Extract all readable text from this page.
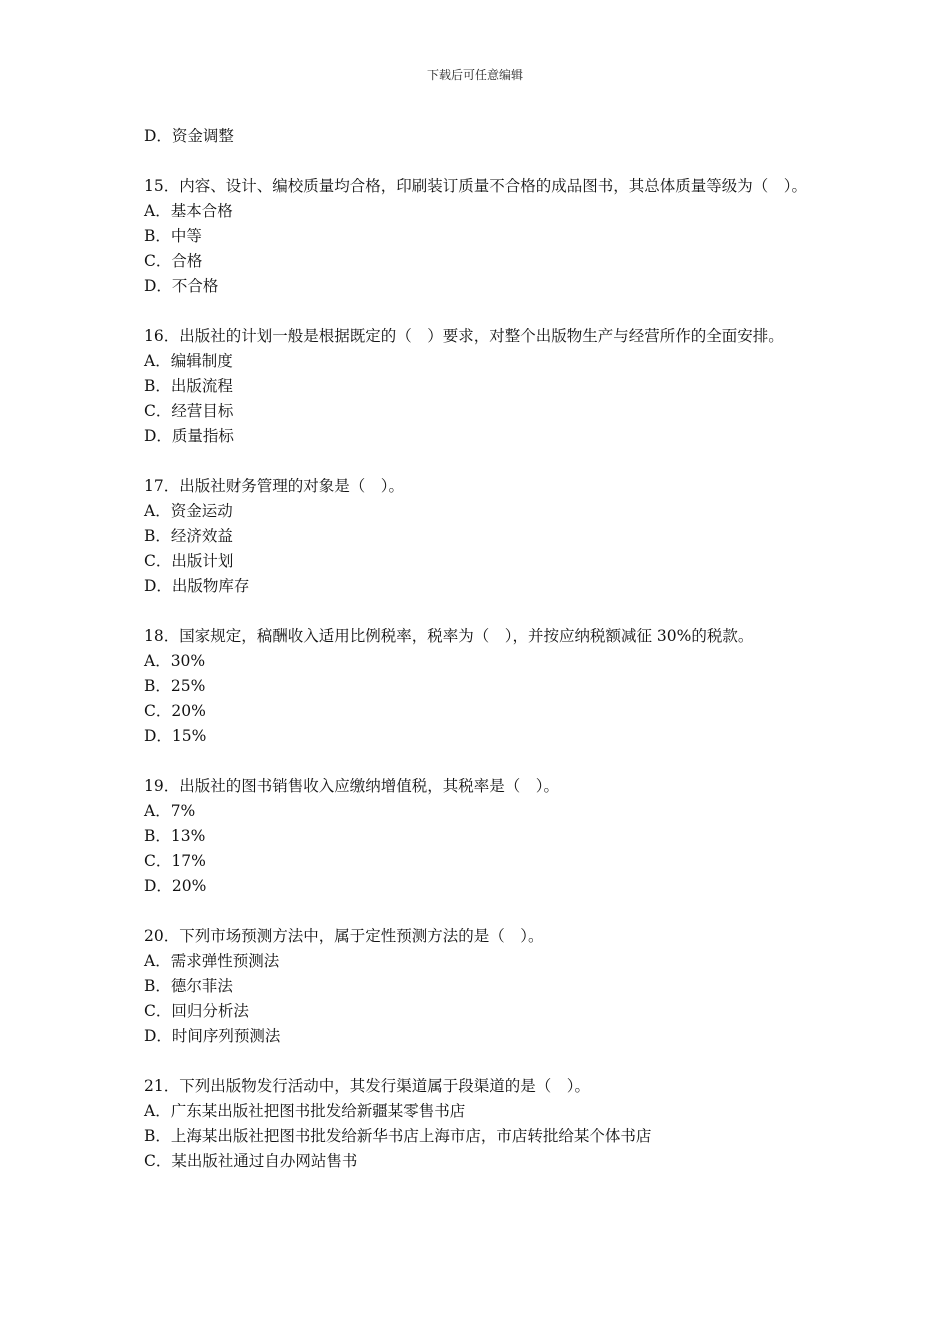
下载后可任意编辑
D．资金调整
15．内容、设计、编校质量均合格，印刷装订质量不合格的成品图书，其总体质量等级为（　）。
A．基本合格
B．中等
C．合格
D．不合格
16．出版社的计划一般是根据既定的（　）要求，对整个出版物生产与经营所作的全面安排。
A．编辑制度
B．出版流程
C．经营目标
D．质量指标
17．出版社财务管理的对象是（　）。
A．资金运动
B．经济效益
C．出版计划
D．出版物库存
18．国家规定，稿酬收入适用比例税率，税率为（　），并按应纳税额减征 30%的税款。
A．30%
B．25%
C．20%
D．15%
19．出版社的图书销售收入应缴纳增值税，其税率是（　）。
A．7%
B．13%
C．17%
D．20%
20．下列市场预测方法中，属于定性预测方法的是（　）。
A．需求弹性预测法
B．德尔菲法
C．回归分析法
D．时间序列预测法
21．下列出版物发行活动中，其发行渠道属于段渠道的是（　）。
A．广东某出版社把图书批发给新疆某零售书店
B．上海某出版社把图书批发给新华书店上海市店，市店转批给某个体书店
C．某出版社通过自办网站售书
